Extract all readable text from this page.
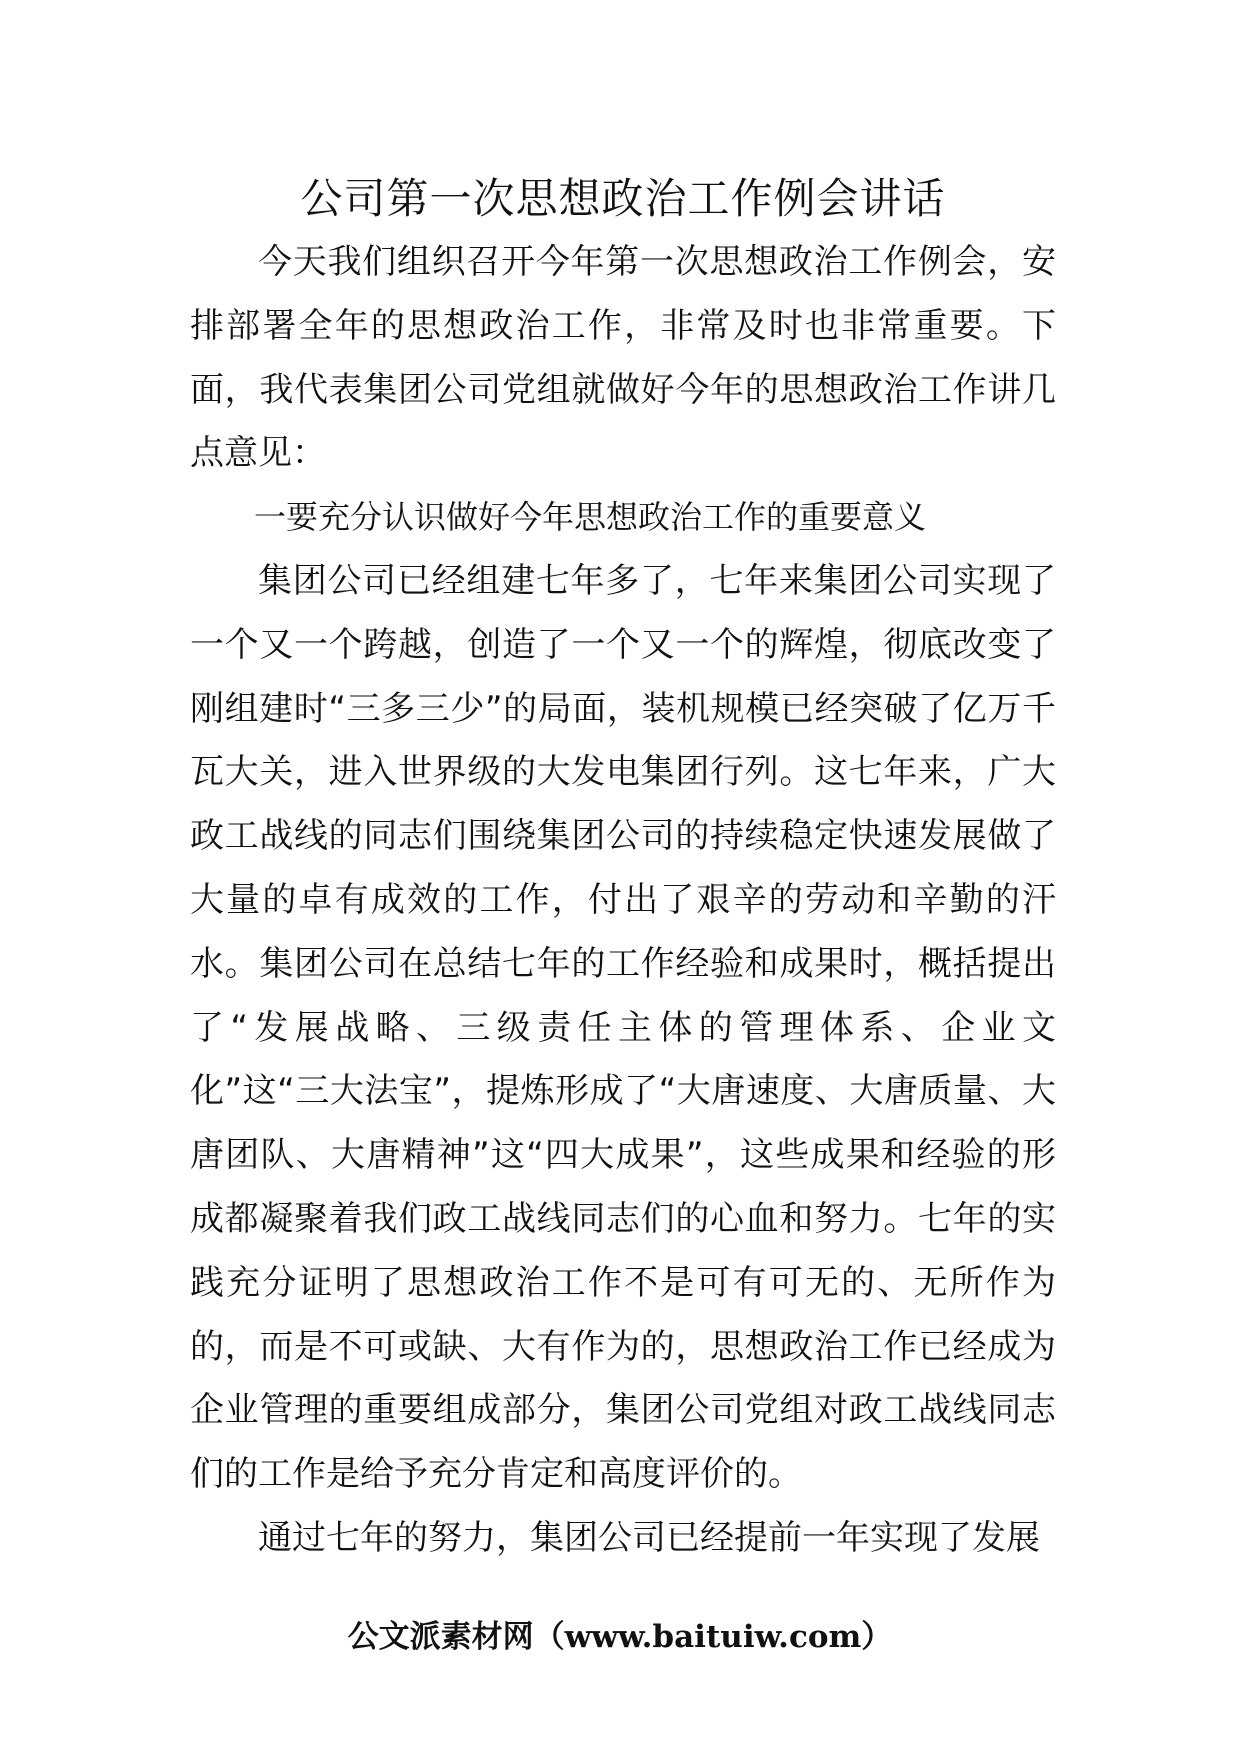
公司第一次思想政治工作例会讲话

今天我们组织召开今年第一次思想政治工作例会，安排部署全年的思想政治工作，非常及时也非常重要。下面，我代表集团公司党组就做好今年的思想政治工作讲几点意见：

一要充分认识做好今年思想政治工作的重要意义

集团公司已经组建七年多了，七年来集团公司实现了一个又一个跨越，创造了一个又一个的辉煌，彻底改变了刚组建时“三多三少”的局面，装机规模已经突破了亿万千瓦大关，进入世界级的大发电集团行列。这七年来，广大政工战线的同志们围绕集团公司的持续稳定快速发展做了大量的卓有成效的工作，付出了艰辛的劳动和辛勤的汗水。集团公司在总结七年的工作经验和成果时，概括提出了“发展战略、三级责任主体的管理体系、企业文化”这“三大法宝”，提炼形成了“大唐速度、大唐质量、大唐团队、大唐精神”这“四大成果”，这些成果和经验的形成都凝聚着我们政工战线同志们的心血和努力。七年的实践充分证明了思想政治工作不是可有可无的、无所作为的，而是不可或缺、大有作为的，思想政治工作已经成为企业管理的重要组成部分，集团公司党组对政工战线同志们的工作是给予充分肯定和高度评价的。

通过七年的努力，集团公司已经提前一年实现了发展

公文派素材网（www.baituiw.com）
